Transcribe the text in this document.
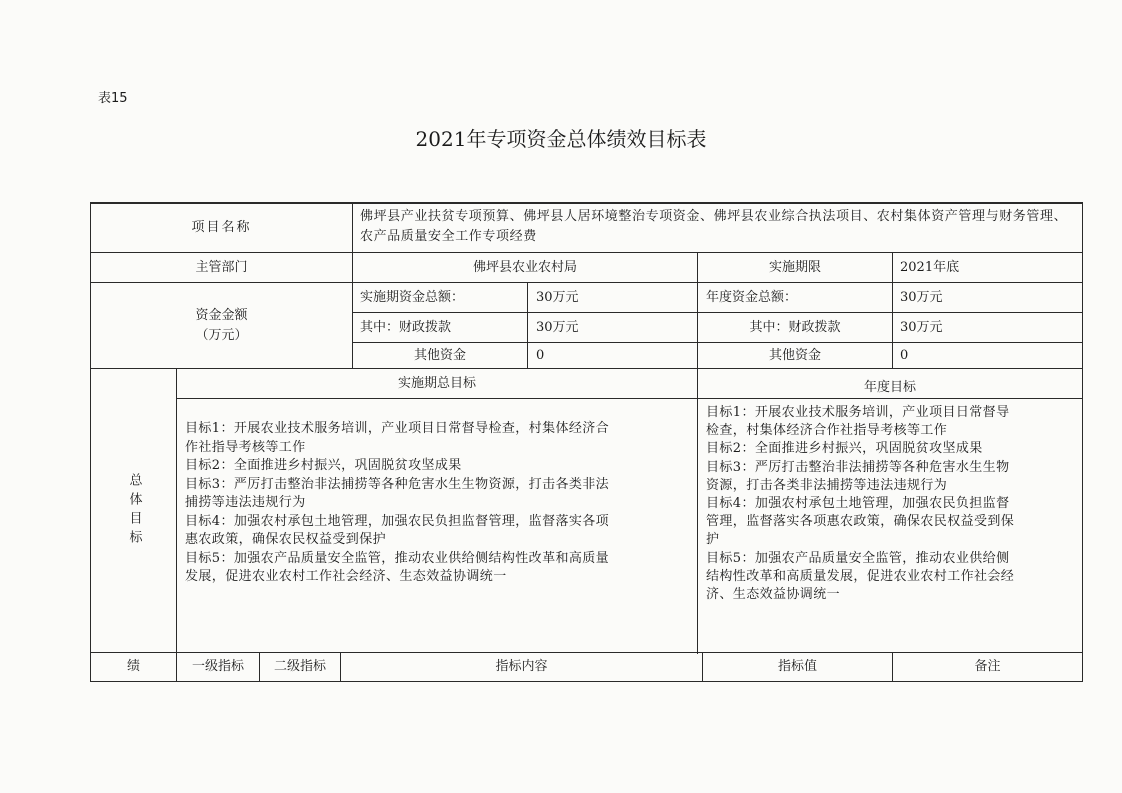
表15
2021年专项资金总体绩效目标表
项目名称
佛坪县产业扶贫专项预算、佛坪县人居环境整治专项资金、佛坪县农业综合执法项目、农村集体资产管理与财务管理、农产品质量安全工作专项经费
主管部门	佛坪县农业农村局	实施期限	2021年底
资金金额
（万元）
实施期资金总额：	30万元	年度资金总额：	30万元
其中：财政拨款	30万元	其中：财政拨款	30万元
其他资金	0	其他资金	0
总体目标
实施期总目标	年度目标
目标1：开展农业技术服务培训，产业项目日常督导检查，村集体经济合
作社指导考核等工作
目标2：全面推进乡村振兴，巩固脱贫攻坚成果
目标3：严厉打击整治非法捕捞等各种危害水生生物资源，打击各类非法
捕捞等违法违规行为
目标4：加强农村承包土地管理，加强农民负担监督管理，监督落实各项
惠农政策，确保农民权益受到保护
目标5：加强农产品质量安全监管，推动农业供给侧结构性改革和高质量
发展，促进农业农村工作社会经济、生态效益协调统一
目标1：开展农业技术服务培训，产业项目日常督导
检查，村集体经济合作社指导考核等工作
目标2：全面推进乡村振兴，巩固脱贫攻坚成果
目标3：严厉打击整治非法捕捞等各种危害水生生物
资源，打击各类非法捕捞等违法违规行为
目标4：加强农村承包土地管理，加强农民负担监督
管理，监督落实各项惠农政策，确保农民权益受到保
护
目标5：加强农产品质量安全监管，推动农业供给侧
结构性改革和高质量发展，促进农业农村工作社会经
济、生态效益协调统一
绩	一级指标	二级指标	指标内容	指标值	备注
